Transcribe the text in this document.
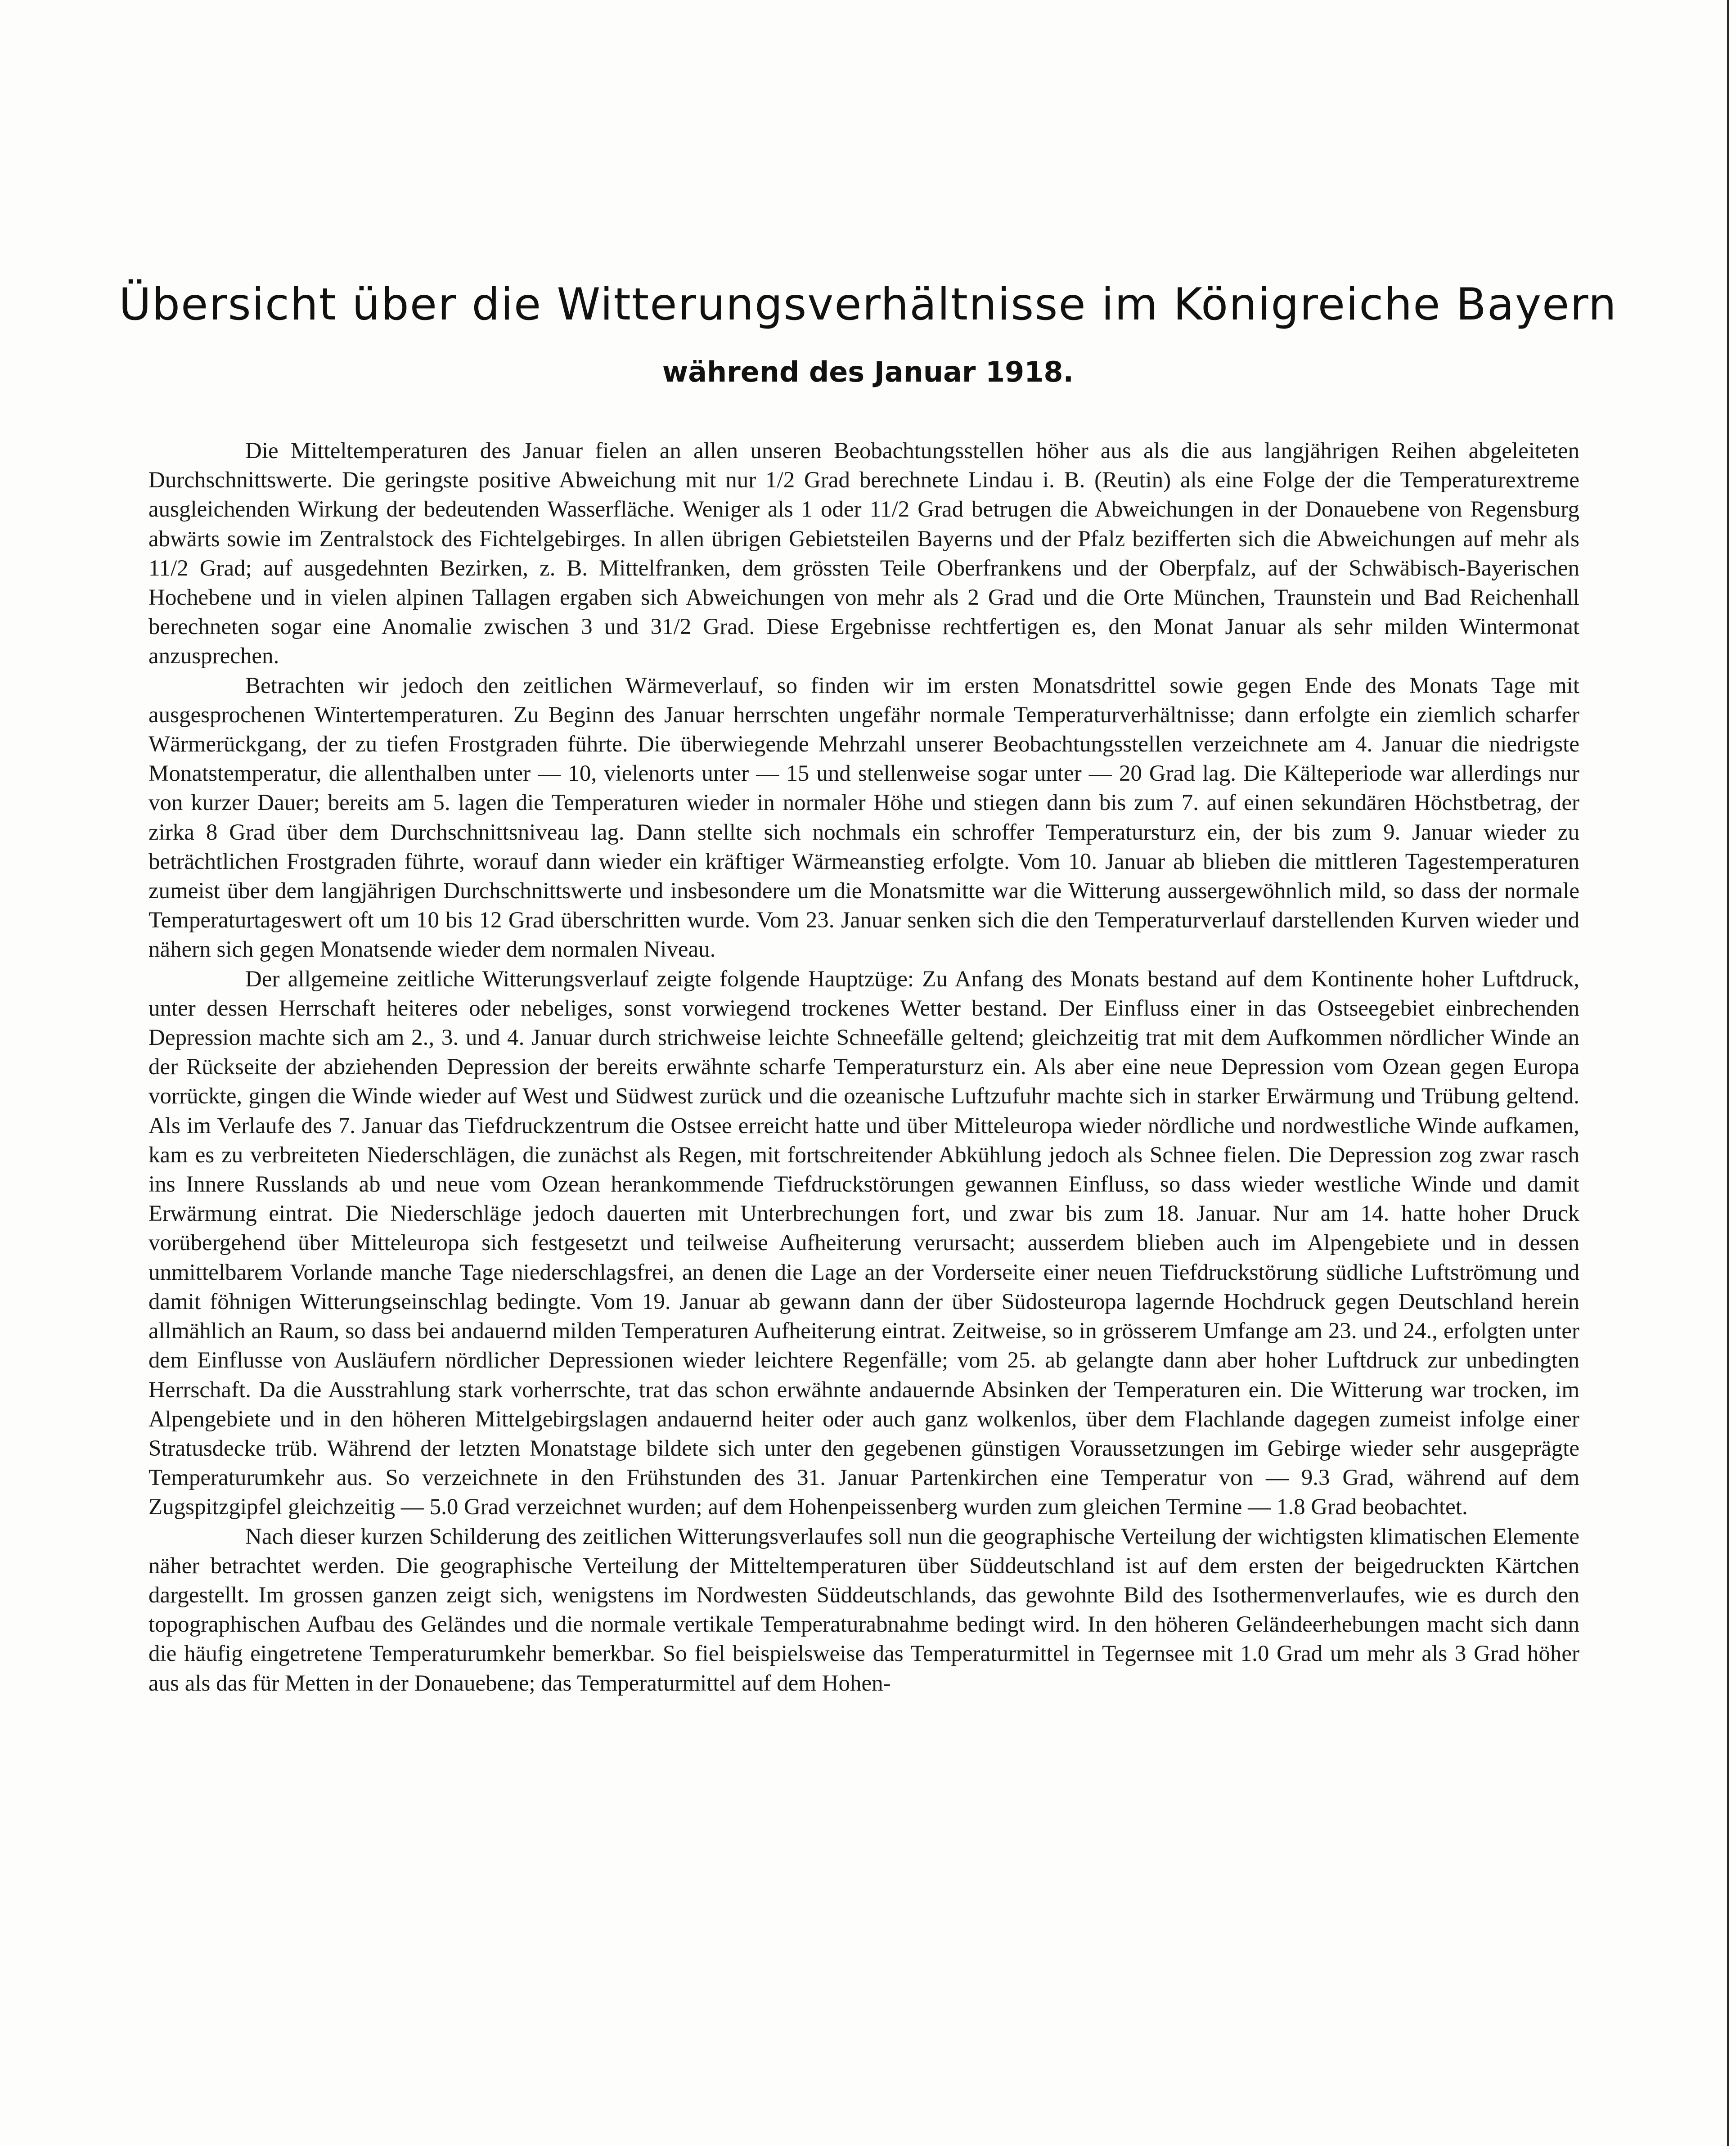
Übersicht über die Witterungsverhältnisse im Königreiche Bayern
während des Januar 1918.

Die Mitteltemperaturen des Januar fielen an allen unseren Beobachtungsstellen höher aus als die aus langjährigen Reihen abgeleiteten Durchschnittswerte. Die geringste positive Abweichung mit nur 1/2 Grad berechnete Lindau i. B. (Reutin) als eine Folge der die Temperaturextreme ausgleichenden Wirkung der bedeutenden Wasserfläche. Weniger als 1 oder 11/2 Grad betrugen die Abweichungen in der Donauebene von Regensburg abwärts sowie im Zentralstock des Fichtelgebirges. In allen übrigen Gebietsteilen Bayerns und der Pfalz bezifferten sich die Abweichungen auf mehr als 11/2 Grad; auf ausgedehnten Bezirken, z. B. Mittelfranken, dem grössten Teile Oberfrankens und der Oberpfalz, auf der Schwäbisch-Bayerischen Hochebene und in vielen alpinen Tallagen ergaben sich Abweichungen von mehr als 2 Grad und die Orte München, Traunstein und Bad Reichenhall berechneten sogar eine Anomalie zwischen 3 und 31/2 Grad. Diese Ergebnisse rechtfertigen es, den Monat Januar als sehr milden Wintermonat anzusprechen.

Betrachten wir jedoch den zeitlichen Wärmeverlauf, so finden wir im ersten Monatsdrittel sowie gegen Ende des Monats Tage mit ausgesprochenen Wintertemperaturen. Zu Beginn des Januar herrschten ungefähr normale Temperaturverhältnisse; dann erfolgte ein ziemlich scharfer Wärmerückgang, der zu tiefen Frostgraden führte. Die überwiegende Mehrzahl unserer Beobachtungsstellen verzeichnete am 4. Januar die niedrigste Monatstemperatur, die allenthalben unter — 10, vielenorts unter — 15 und stellenweise sogar unter — 20 Grad lag. Die Kälteperiode war allerdings nur von kurzer Dauer; bereits am 5. lagen die Temperaturen wieder in normaler Höhe und stiegen dann bis zum 7. auf einen sekundären Höchstbetrag, der zirka 8 Grad über dem Durchschnittsniveau lag. Dann stellte sich nochmals ein schroffer Temperatursturz ein, der bis zum 9. Januar wieder zu beträchtlichen Frostgraden führte, worauf dann wieder ein kräftiger Wärmeanstieg erfolgte. Vom 10. Januar ab blieben die mittleren Tagestemperaturen zumeist über dem langjährigen Durchschnittswerte und insbesondere um die Monatsmitte war die Witterung aussergewöhnlich mild, so dass der normale Temperaturtageswert oft um 10 bis 12 Grad überschritten wurde. Vom 23. Januar senken sich die den Temperaturverlauf darstellenden Kurven wieder und nähern sich gegen Monatsende wieder dem normalen Niveau.

Der allgemeine zeitliche Witterungsverlauf zeigte folgende Hauptzüge: Zu Anfang des Monats bestand auf dem Kontinente hoher Luftdruck, unter dessen Herrschaft heiteres oder nebeliges, sonst vorwiegend trockenes Wetter bestand. Der Einfluss einer in das Ostseegebiet einbrechenden Depression machte sich am 2., 3. und 4. Januar durch strichweise leichte Schneefälle geltend; gleichzeitig trat mit dem Aufkommen nördlicher Winde an der Rückseite der abziehenden Depression der bereits erwähnte scharfe Temperatursturz ein. Als aber eine neue Depression vom Ozean gegen Europa vorrückte, gingen die Winde wieder auf West und Südwest zurück und die ozeanische Luftzufuhr machte sich in starker Erwärmung und Trübung geltend. Als im Verlaufe des 7. Januar das Tiefdruckzentrum die Ostsee erreicht hatte und über Mitteleuropa wieder nördliche und nordwestliche Winde aufkamen, kam es zu verbreiteten Niederschlägen, die zunächst als Regen, mit fortschreitender Abkühlung jedoch als Schnee fielen. Die Depression zog zwar rasch ins Innere Russlands ab und neue vom Ozean herankommende Tiefdruckstörungen gewannen Einfluss, so dass wieder westliche Winde und damit Erwärmung eintrat. Die Niederschläge jedoch dauerten mit Unterbrechungen fort, und zwar bis zum 18. Januar. Nur am 14. hatte hoher Druck vorübergehend über Mitteleuropa sich festgesetzt und teilweise Aufheiterung verursacht; ausserdem blieben auch im Alpengebiete und in dessen unmittelbarem Vorlande manche Tage niederschlagsfrei, an denen die Lage an der Vorderseite einer neuen Tiefdruckstörung südliche Luftströmung und damit föhnigen Witterungseinschlag bedingte. Vom 19. Januar ab gewann dann der über Südosteuropa lagernde Hochdruck gegen Deutschland herein allmählich an Raum, so dass bei andauernd milden Temperaturen Aufheiterung eintrat. Zeitweise, so in grösserem Umfange am 23. und 24., erfolgten unter dem Einflusse von Ausläufern nördlicher Depressionen wieder leichtere Regenfälle; vom 25. ab gelangte dann aber hoher Luftdruck zur unbedingten Herrschaft. Da die Ausstrahlung stark vorherrschte, trat das schon erwähnte andauernde Absinken der Temperaturen ein. Die Witterung war trocken, im Alpengebiete und in den höheren Mittelgebirgslagen andauernd heiter oder auch ganz wolkenlos, über dem Flachlande dagegen zumeist infolge einer Stratusdecke trüb. Während der letzten Monatstage bildete sich unter den gegebenen günstigen Voraussetzungen im Gebirge wieder sehr ausgeprägte Temperaturumkehr aus. So verzeichnete in den Frühstunden des 31. Januar Partenkirchen eine Temperatur von — 9.3 Grad, während auf dem Zugspitzgipfel gleichzeitig — 5.0 Grad verzeichnet wurden; auf dem Hohenpeissenberg wurden zum gleichen Termine — 1.8 Grad beobachtet.

Nach dieser kurzen Schilderung des zeitlichen Witterungsverlaufes soll nun die geographische Verteilung der wichtigsten klimatischen Elemente näher betrachtet werden. Die geographische Verteilung der Mitteltemperaturen über Süddeutschland ist auf dem ersten der beigedruckten Kärtchen dargestellt. Im grossen ganzen zeigt sich, wenigstens im Nordwesten Süddeutschlands, das gewohnte Bild des Isothermenverlaufes, wie es durch den topographischen Aufbau des Geländes und die normale vertikale Temperaturabnahme bedingt wird. In den höheren Geländeerhebungen macht sich dann die häufig eingetretene Temperaturumkehr bemerkbar. So fiel beispielsweise das Temperaturmittel in Tegernsee mit 1.0 Grad um mehr als 3 Grad höher aus als das für Metten in der Donauebene; das Temperaturmittel auf dem Hohen-
